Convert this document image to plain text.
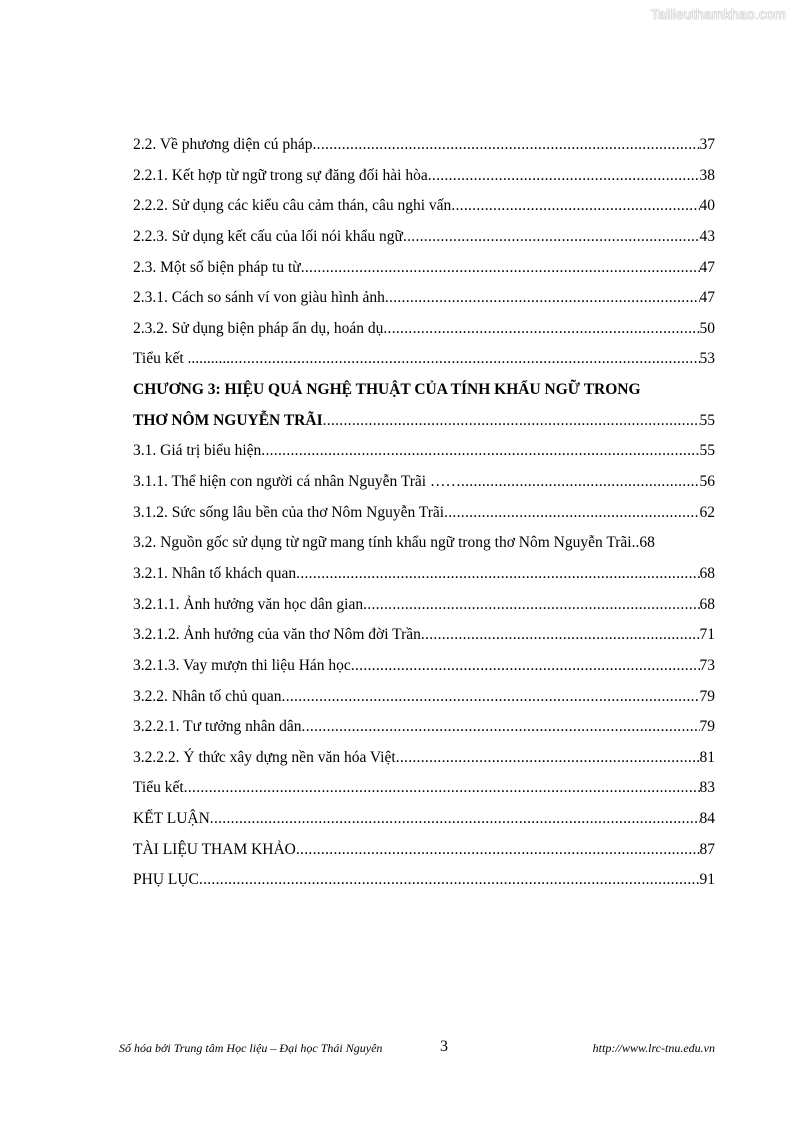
Tailieuthamkhao.com
2.2. Về phương diện cú pháp .....	37
2.2.1. Kết hợp từ ngữ trong sự đăng đối hài hòa .....	38
2.2.2. Sử dụng các kiểu câu cảm thán, câu nghi vấn .....	40
2.2.3. Sử dụng kết cấu của lối nói khẩu ngữ .....	43
2.3. Một số biện pháp tu từ .....	47
2.3.1. Cách so sánh ví von giàu hình ảnh .....	47
2.3.2. Sử dụng biện pháp ẩn dụ, hoán dụ .....	50
Tiểu kết ........... .....	53
CHƯƠNG 3: HIỆU QUẢ NGHỆ THUẬT CỦA TÍNH KHẨU NGỮ TRONG
THƠ NÔM NGUYỄN TRÃI .....	55
3.1. Giá trị biểu hiện .....	55
3.1.1. Thể hiện con người cá nhân Nguyễn Trãi …… .....	56
3.1.2. Sức sống lâu bền của thơ Nôm Nguyễn Trãi .....	62
3.2. Nguồn gốc sử dụng từ ngữ mang tính khẩu ngữ trong thơ Nôm Nguyễn Trãi.. 68
3.2.1. Nhân tố khách quan .....	68
3.2.1.1. Ảnh hưởng văn học dân gian .....	68
3.2.1.2. Ảnh hưởng của văn thơ Nôm đời Trần .....	71
3.2.1.3. Vay mượn thi liệu Hán học .....	73
3.2.2. Nhân tố chủ quan .....	79
3.2.2.1. Tư tưởng nhân dân .....	79
3.2.2.2. Ý thức xây dựng nền văn hóa Việt .....	81
Tiểu kết .....	83
KẾT LUẬN .....	84
TÀI LIỆU THAM KHẢO .....	87
PHỤ LỤC .....	91
Số hóa bởi Trung tâm Học liệu – Đại học Thái Nguyên	3	http://www.lrc-tnu.edu.vn
